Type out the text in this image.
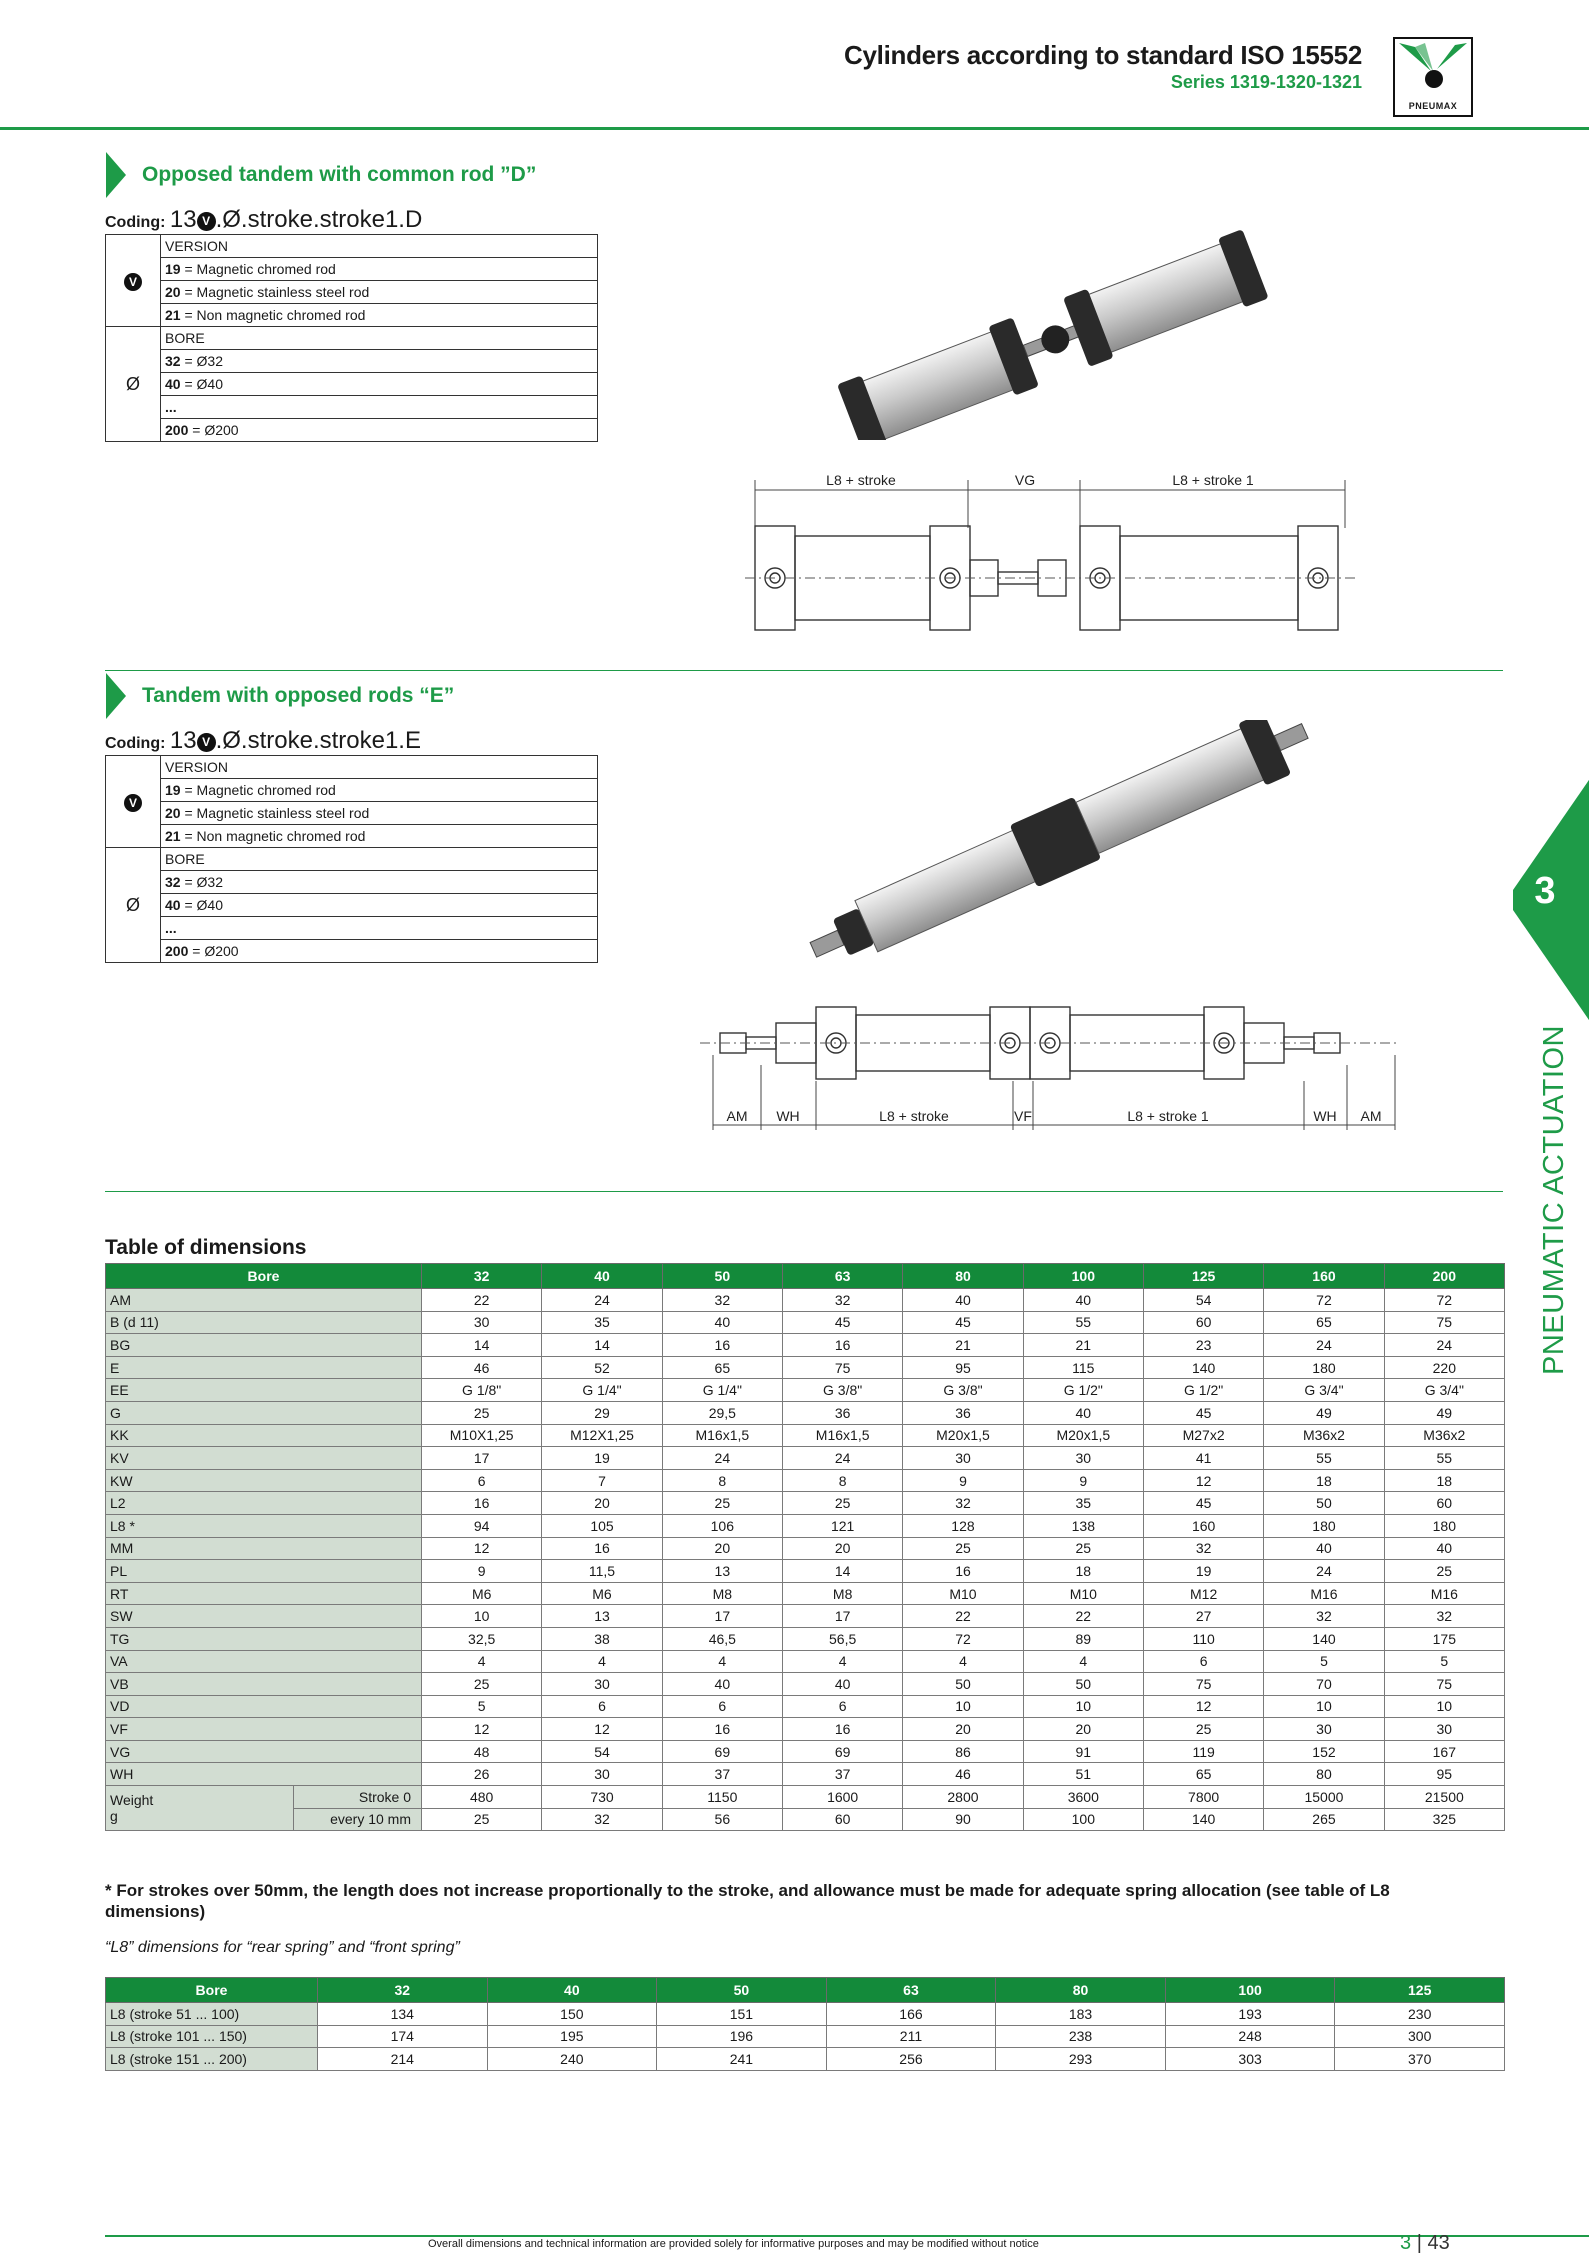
Cylinders according to standard ISO 15552
Series 1319-1320-1321
PNEUMAX
Opposed tandem with common rod ”D”
Coding: 13 V .Ø.stroke.stroke1.D
V	VERSION
	19 = Magnetic chromed rod
	20 = Magnetic stainless steel rod
	21 = Non magnetic chromed rod
Ø	BORE
	32 = Ø32
	40 = Ø40
	...
	200 = Ø200
L8 + stroke	VG	L8 + stroke 1
Tandem with opposed rods “E”
Coding: 13 V .Ø.stroke.stroke1.E
V	VERSION
	19 = Magnetic chromed rod
	20 = Magnetic stainless steel rod
	21 = Non magnetic chromed rod
Ø	BORE
	32 = Ø32
	40 = Ø40
	...
	200 = Ø200
AM WH	L8 + stroke	VF	L8 + stroke 1	WH AM
3
PNEUMATIC ACTUATION
Table of dimensions
Bore		32	40	50	63	80	100	125	160	200
AM		22	24	32	32	40	40	54	72	72
B (d 11)		30	35	40	45	45	55	60	65	75
BG		14	14	16	16	21	21	23	24	24
E		46	52	65	75	95	115	140	180	220
EE		G 1/8"	G 1/4"	G 1/4"	G 3/8"	G 3/8"	G 1/2"	G 1/2"	G 3/4"	G 3/4"
G		25	29	29,5	36	36	40	45	49	49
KK		M10X1,25	M12X1,25	M16x1,5	M16x1,5	M20x1,5	M20x1,5	M27x2	M36x2	M36x2
KV		17	19	24	24	30	30	41	55	55
KW		6	7	8	8	9	9	12	18	18
L2		16	20	25	25	32	35	45	50	60
L8 *		94	105	106	121	128	138	160	180	180
MM		12	16	20	20	25	25	32	40	40
PL		9	11,5	13	14	16	18	19	24	25
RT		M6	M6	M8	M8	M10	M10	M12	M16	M16
SW		10	13	17	17	22	22	27	32	32
TG		32,5	38	46,5	56,5	72	89	110	140	175
VA		4	4	4	4	4	4	6	5	5
VB		25	30	40	40	50	50	75	70	75
VD		5	6	6	6	10	10	12	10	10
VF		12	12	16	16	20	20	25	30	30
VG		48	54	69	69	86	91	119	152	167
WH		26	30	37	37	46	51	65	80	95

Weight
g	Stroke 0	480	730	1150	1600	2800	3600	7800	15000	21500
	every 10 mm	25	32	56	60	90	100	140	265	325
* For strokes over 50mm, the length does not increase proportionally to the stroke, and allowance must be made for adequate spring allocation (see table of L8 dimensions)
“L8” dimensions for “rear spring” and “front spring”
Bore	32	40	50	63	80	100	125
L8 (stroke 51 ... 100)	134	150	151	166	183	193	230
L8 (stroke 101 ... 150)	174	195	196	211	238	248	300
L8 (stroke 151 ... 200)	214	240	241	256	293	303	370
Overall dimensions and technical information are provided solely for informative purposes and may be modified without notice	3 | 43
